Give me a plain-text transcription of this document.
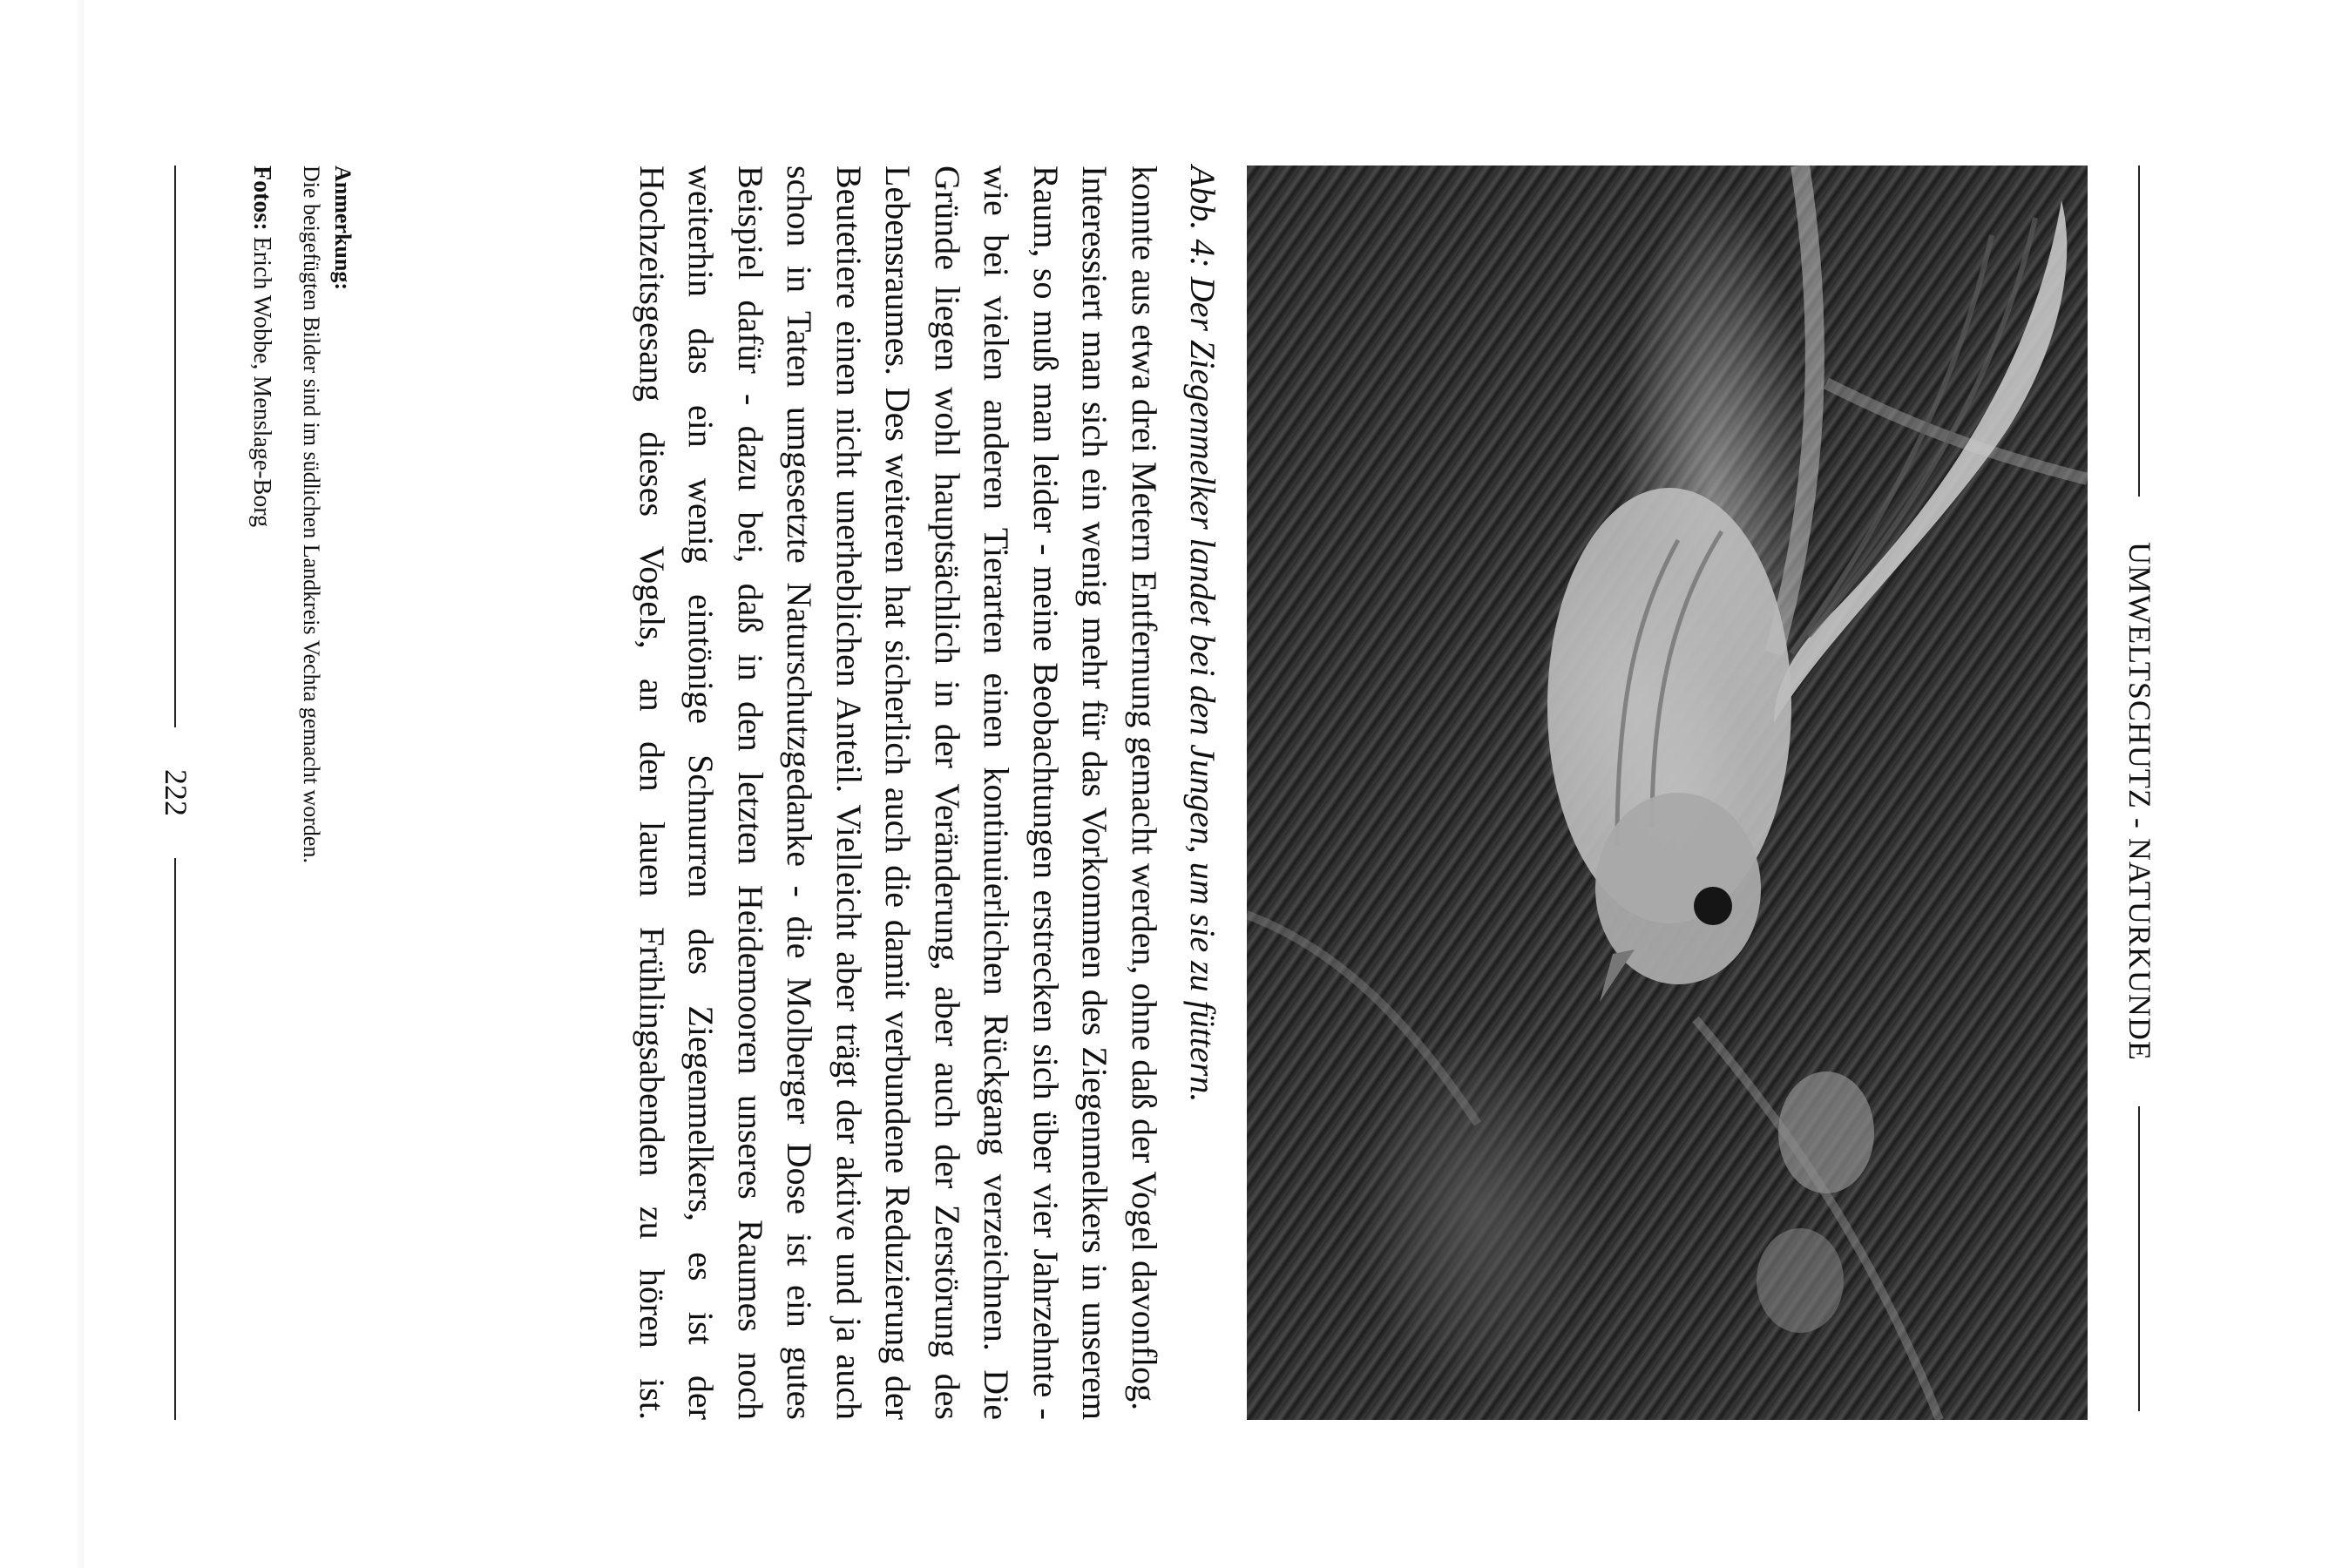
UMWELTSCHUTZ - NATURKUNDE
Abb. 4: Der Ziegenmelker landet bei den Jungen, um sie zu füttern.
konnte aus etwa drei Metern Entfernung gemacht werden, ohne daß der Vogel davonflog.
Interessiert man sich ein wenig mehr für das Vorkommen des Ziegenmelkers in unserem Raum, so muß man leider - meine Beobachtungen erstrecken sich über vier Jahrzehnte - wie bei vielen anderen Tierarten einen kontinuierlichen Rückgang verzeichnen. Die Gründe liegen wohl hauptsächlich in der Veränderung, aber auch der Zerstörung des Lebensraumes. Des weiteren hat sicherlich auch die damit verbundene Reduzierung der Beutetiere einen nicht unerheblichen Anteil. Vielleicht aber trägt der aktive und ja auch schon in Taten umgesetzte Naturschutzgedanke - die Molberger Dose ist ein gutes Beispiel dafür - dazu bei, daß in den letzten Heidemooren unseres Raumes noch weiterhin das ein wenig eintönige Schnurren des Ziegenmelkers, es ist der Hochzeitsgesang dieses Vogels, an den lauen Frühlingsabenden zu hören ist.
Anmerkung:
Die beigefügten Bilder sind im südlichen Landkreis Vechta gemacht worden.
Fotos: Erich Wobbe, Menslage-Borg
222
